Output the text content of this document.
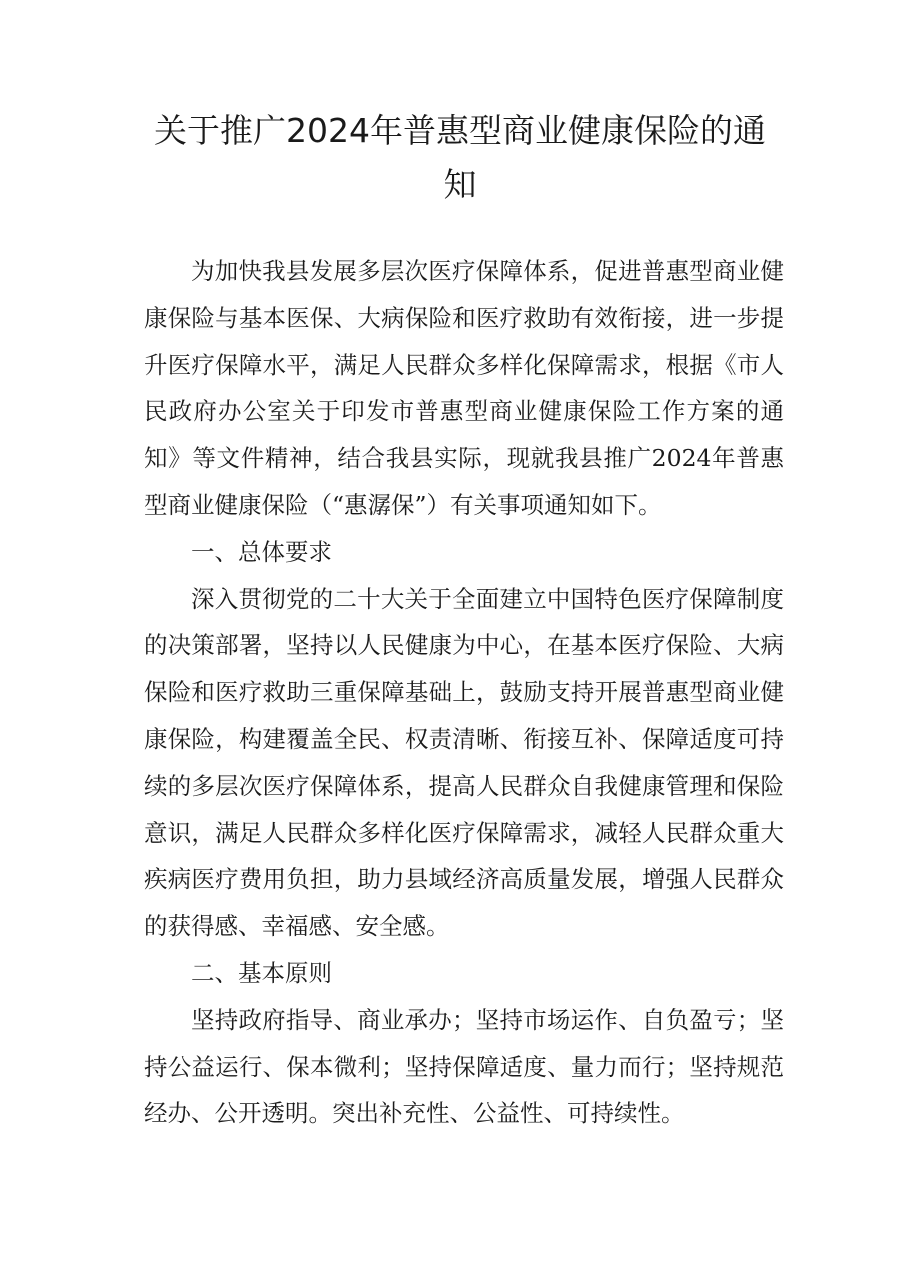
关于推广2024年普惠型商业健康保险的通知

为加快我县发展多层次医疗保障体系，促进普惠型商业健康保险与基本医保、大病保险和医疗救助有效衔接，进一步提升医疗保障水平，满足人民群众多样化保障需求，根据《市人民政府办公室关于印发市普惠型商业健康保险工作方案的通知》等文件精神，结合我县实际，现就我县推广2024年普惠型商业健康保险（“惠潺保”）有关事项通知如下。

一、总体要求

深入贯彻党的二十大关于全面建立中国特色医疗保障制度的决策部署，坚持以人民健康为中心，在基本医疗保险、大病保险和医疗救助三重保障基础上，鼓励支持开展普惠型商业健康保险，构建覆盖全民、权责清晰、衔接互补、保障适度可持续的多层次医疗保障体系，提高人民群众自我健康管理和保险意识，满足人民群众多样化医疗保障需求，减轻人民群众重大疾病医疗费用负担，助力县域经济高质量发展，增强人民群众的获得感、幸福感、安全感。

二、基本原则

坚持政府指导、商业承办；坚持市场运作、自负盈亏；坚持公益运行、保本微利；坚持保障适度、量力而行；坚持规范经办、公开透明。突出补充性、公益性、可持续性。
